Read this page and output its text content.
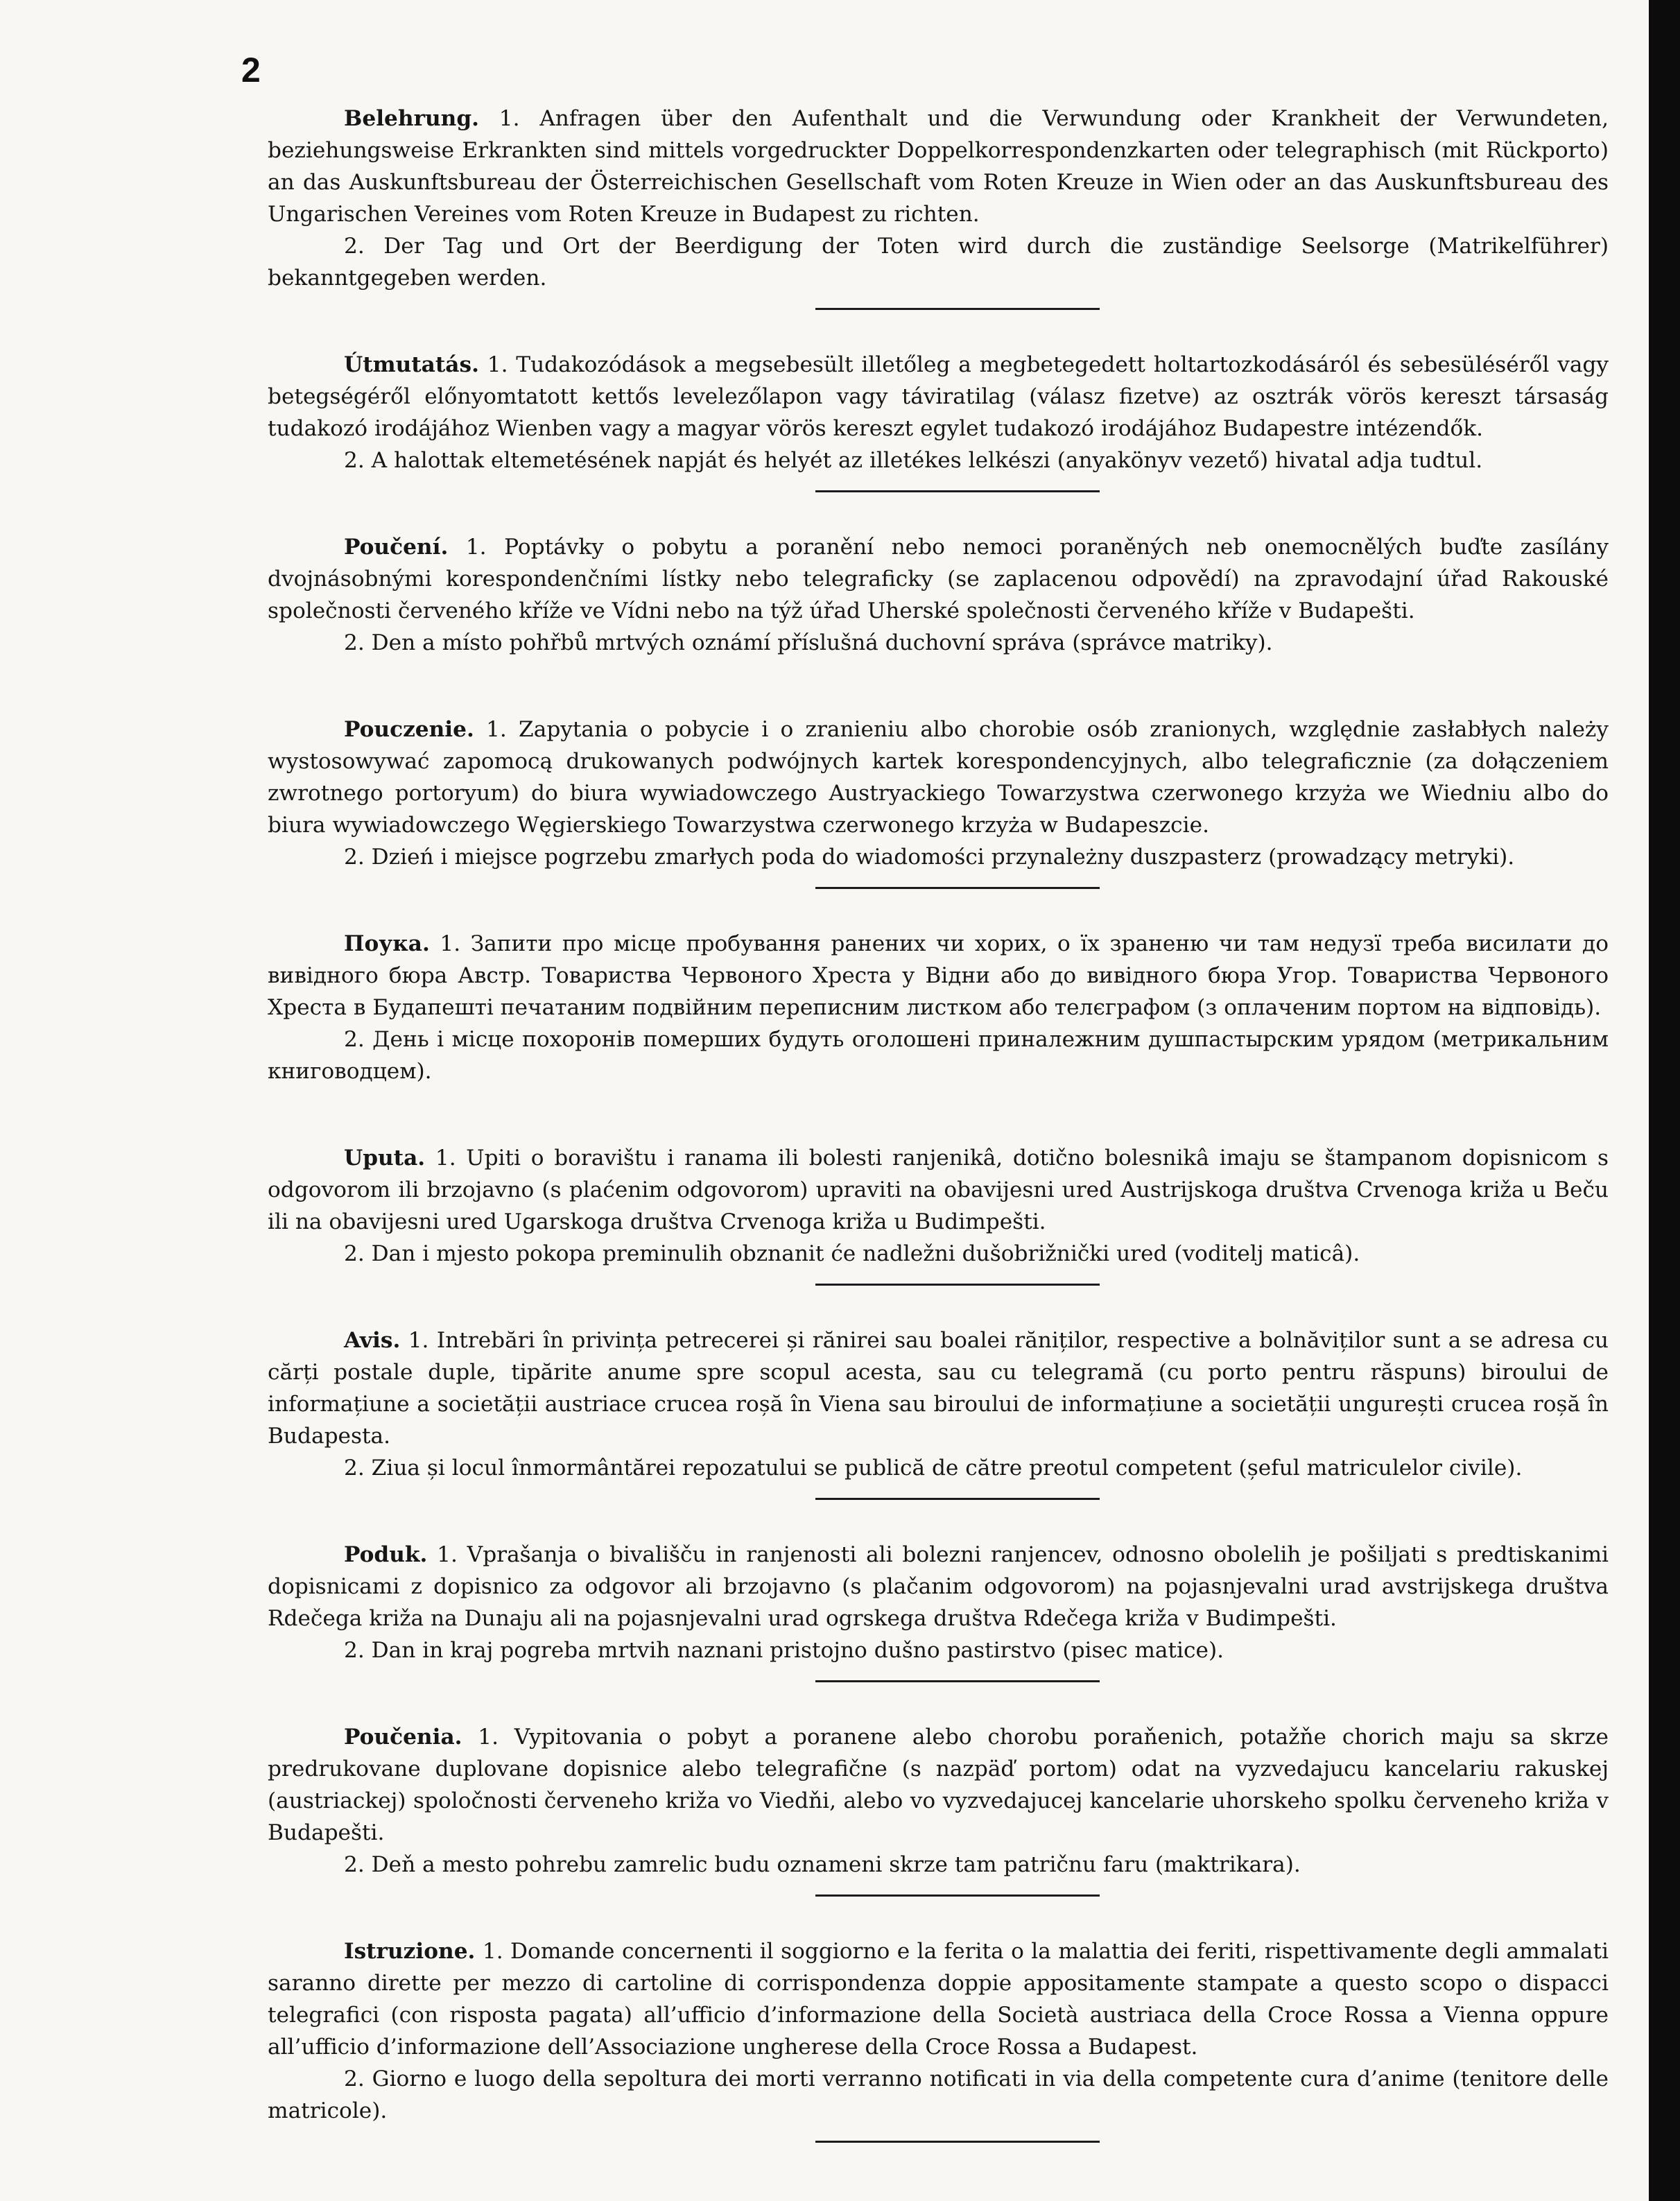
2

Belehrung. 1. Anfragen über den Aufenthalt und die Verwundung oder Krankheit der Verwundeten, beziehungsweise Erkrankten sind mittels vorgedruckter Doppelkorrespondenzkarten oder telegraphisch (mit Rückporto) an das Auskunftsbureau der Österreichischen Gesellschaft vom Roten Kreuze in Wien oder an das Auskunftsbureau des Ungarischen Vereines vom Roten Kreuze in Budapest zu richten.

2. Der Tag und Ort der Beerdigung der Toten wird durch die zuständige Seelsorge (Matrikelführer) bekanntgegeben werden.

Útmutatás. 1. Tudakozódások a megsebesült illetőleg a megbetegedett holtartozkodásáról és sebesüléséről vagy betegségéről előnyomtatott kettős levelezőlapon vagy táviratilag (válasz fizetve) az osztrák vörös kereszt társaság tudakozó irodájához Wienben vagy a magyar vörös kereszt egylet tudakozó irodájához Budapestre intézendők.

2. A halottak eltemetésének napját és helyét az illetékes lelkészi (anyakönyv vezető) hivatal adja tudtul.

Poučení. 1. Poptávky o pobytu a poranění nebo nemoci poraněných neb onemocnělých buďte zasílány dvojnásobnými korespondenčními lístky nebo telegraficky (se zaplacenou odpovědí) na zpravodajní úřad Rakouské společnosti červeného kříže ve Vídni nebo na týž úřad Uherské společnosti červeného kříže v Budapešti.

2. Den a místo pohřbů mrtvých oznámí příslušná duchovní správa (správce matriky).

Pouczenie. 1. Zapytania o pobycie i o zranieniu albo chorobie osób zranionych, względnie zasłabłych należy wystosowywać zapomocą drukowanych podwójnych kartek korespondencyjnych, albo telegraficznie (za dołączeniem zwrotnego portoryum) do biura wywiadowczego Austryackiego Towarzystwa czerwonego krzyża we Wiedniu albo do biura wywiadowczego Węgierskiego Towarzystwa czerwonego krzyża w Budapeszcie.

2. Dzień i miejsce pogrzebu zmarłych poda do wiadomości przynależny duszpasterz (prowadzący metryki).

Поука. 1. Запити про місце пробування ранених чи хорих, о їх зраненю чи там недузї треба висилати до вивідного бюра Австр. Товариства Червоного Хреста у Відни або до вивідного бюра Угор. Товариства Червоного Хреста в Будапешті печатаним подвійним переписним листком або телєграфом (з оплаченим портом на відповідь).

2. День і місце похоронів померших будуть оголошені приналежним душпастырским урядом (метрикальним книговодцем).

Uputa. 1. Upiti o boravištu i ranama ili bolesti ranjenikâ, dotično bolesnikâ imaju se štampanom dopisnicom s odgovorom ili brzojavno (s plaćenim odgovorom) upraviti na obavijesni ured Austrijskoga društva Crvenoga križa u Beču ili na obavijesni ured Ugarskoga društva Crvenoga križa u Budimpešti.

2. Dan i mjesto pokopa preminulih obznanit će nadležni dušobrižnički ured (voditelj maticâ).

Avis. 1. Intrebări în privința petrecerei și rănirei sau boalei răniților, respective a bolnăviților sunt a se adresa cu cărți postale duple, tipărite anume spre scopul acesta, sau cu telegramă (cu porto pentru răspuns) biroului de informațiune a societății austriace crucea roșă în Viena sau biroului de informațiune a societății ungurești crucea roșă în Budapesta.

2. Ziua și locul înmormântărei repozatului se publică de către preotul competent (șeful matriculelor civile).

Poduk. 1. Vprašanja o bivališču in ranjenosti ali bolezni ranjencev, odnosno obolelih je pošiljati s predtiskanimi dopisnicami z dopisnico za odgovor ali brzojavno (s plačanim odgovorom) na pojasnjevalni urad avstrijskega društva Rdečega križa na Dunaju ali na pojasnjevalni urad ogrskega društva Rdečega križa v Budimpešti.

2. Dan in kraj pogreba mrtvih naznani pristojno dušno pastirstvo (pisec matice).

Poučenia. 1. Vypitovania o pobyt a poranene alebo chorobu poraňenich, potažňe chorich maju sa skrze predrukovane duplovane dopisnice alebo telegrafične (s nazpäď portom) odat na vyzvedajucu kancelariu rakuskej (austriackej) spoločnosti červeneho križa vo Viedňi, alebo vo vyzvedajucej kancelarie uhorskeho spolku červeneho križa v Budapešti.

2. Deň a mesto pohrebu zamrelic budu oznameni skrze tam patričnu faru (maktrikara).

Istruzione. 1. Domande concernenti il soggiorno e la ferita o la malattia dei feriti, rispettivamente degli ammalati saranno dirette per mezzo di cartoline di corrispondenza doppie appositamente stampate a questo scopo o dispacci telegrafici (con risposta pagata) all’ufficio d’informazione della Società austriaca della Croce Rossa a Vienna oppure all’ufficio d’informazione dell’Associazione ungherese della Croce Rossa a Budapest.

2. Giorno e luogo della sepoltura dei morti verranno notificati in via della competente cura d’anime (tenitore delle matricole).
